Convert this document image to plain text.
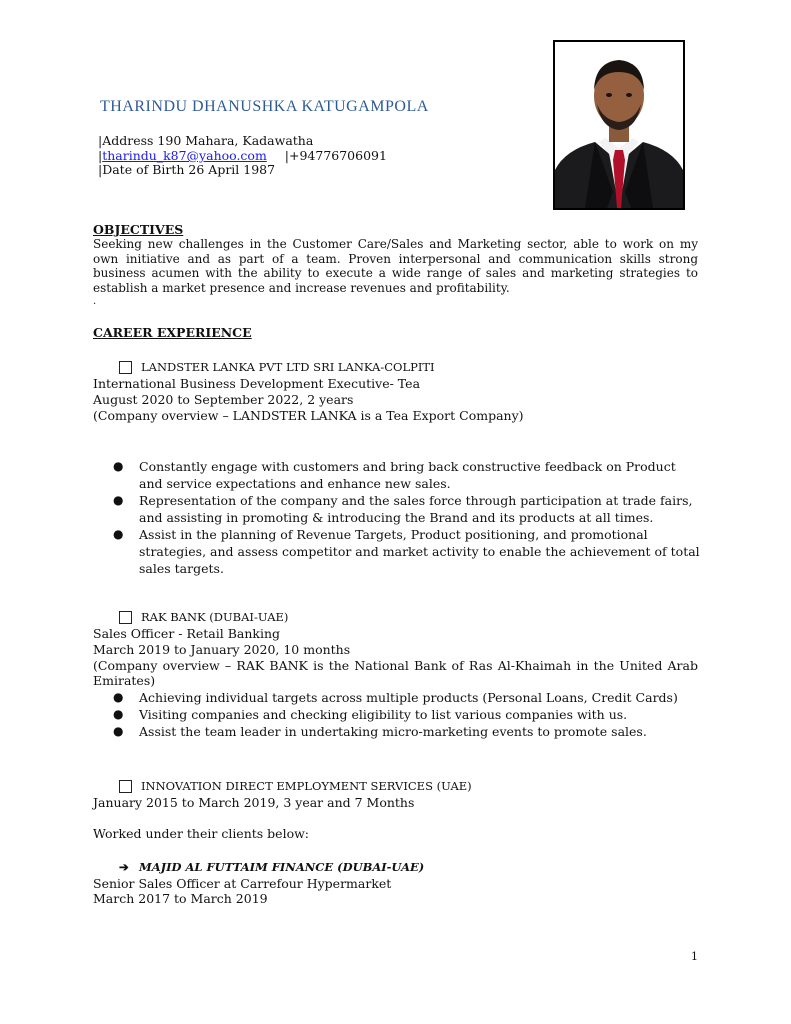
THARINDU DHANUSHKA KATUGAMPOLA
|Address 190 Mahara, Kadawatha
|tharindu_k87@yahoo.com |+94776706091
|Date of Birth 26 April 1987
OBJECTIVES
Seeking new challenges in the Customer Care/Sales and Marketing sector, able to work on my own initiative and as part of a team. Proven interpersonal and communication skills strong business acumen with the ability to execute a wide range of sales and marketing strategies to establish a market presence and increase revenues and profitability.
.
CAREER EXPERIENCE
LANDSTER LANKA PVT LTD SRI LANKA-COLPITI
International Business Development Executive- Tea
August 2020 to September 2022, 2 years
(Company overview – LANDSTER LANKA is a Tea Export Company)
●	Constantly engage with customers and bring back constructive feedback on Product and service expectations and enhance new sales.
●	Representation of the company and the sales force through participation at trade fairs, and assisting in promoting & introducing the Brand and its products at all times.
●	Assist in the planning of Revenue Targets, Product positioning, and promotional strategies, and assess competitor and market activity to enable the achievement of total sales targets.
RAK BANK (DUBAI-UAE)
Sales Officer - Retail Banking
March 2019 to January 2020, 10 months
(Company overview – RAK BANK is the National Bank of Ras Al-Khaimah in the United Arab Emirates)
●	Achieving individual targets across multiple products (Personal Loans, Credit Cards)
●	Visiting companies and checking eligibility to list various companies with us.
●	Assist the team leader in undertaking micro-marketing events to promote sales.
INNOVATION DIRECT EMPLOYMENT SERVICES (UAE)
January 2015 to March 2019, 3 year and 7 Months
Worked under their clients below:
➔ MAJID AL FUTTAIM FINANCE (DUBAI-UAE)
Senior Sales Officer at Carrefour Hypermarket
March 2017 to March 2019
1
